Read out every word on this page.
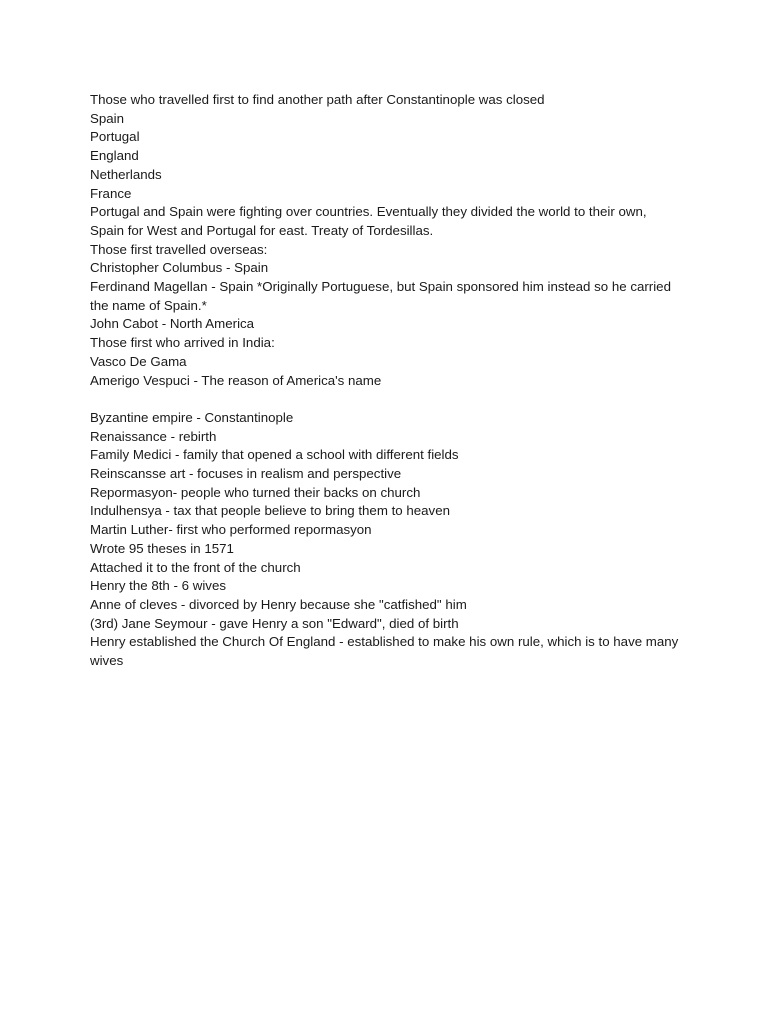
Those who travelled first to find another path after Constantinople was closed
Spain
Portugal
England
Netherlands
France
Portugal and Spain were fighting over countries. Eventually they divided the world to their own, Spain for West and Portugal for east. Treaty of Tordesillas.
Those first travelled overseas:
Christopher Columbus - Spain
Ferdinand Magellan - Spain *Originally Portuguese, but Spain sponsored him instead so he carried the name of Spain.*
John Cabot - North America
Those first who arrived in India:
Vasco De Gama
Amerigo Vespuci - The reason of America's name
Byzantine empire - Constantinople
Renaissance - rebirth
Family Medici - family that opened a school with different fields
Reinscansse art - focuses in realism and perspective
Repormasyon- people who turned their backs on church
Indulhensya - tax that people believe to bring them to heaven
Martin Luther- first who performed repormasyon
Wrote 95 theses in 1571
Attached it to the front of the church
Henry the 8th - 6 wives
Anne of cleves - divorced by Henry because she "catfished" him
(3rd) Jane Seymour - gave Henry a son "Edward", died of birth
Henry established the Church Of England - established to make his own rule, which is to have many wives
